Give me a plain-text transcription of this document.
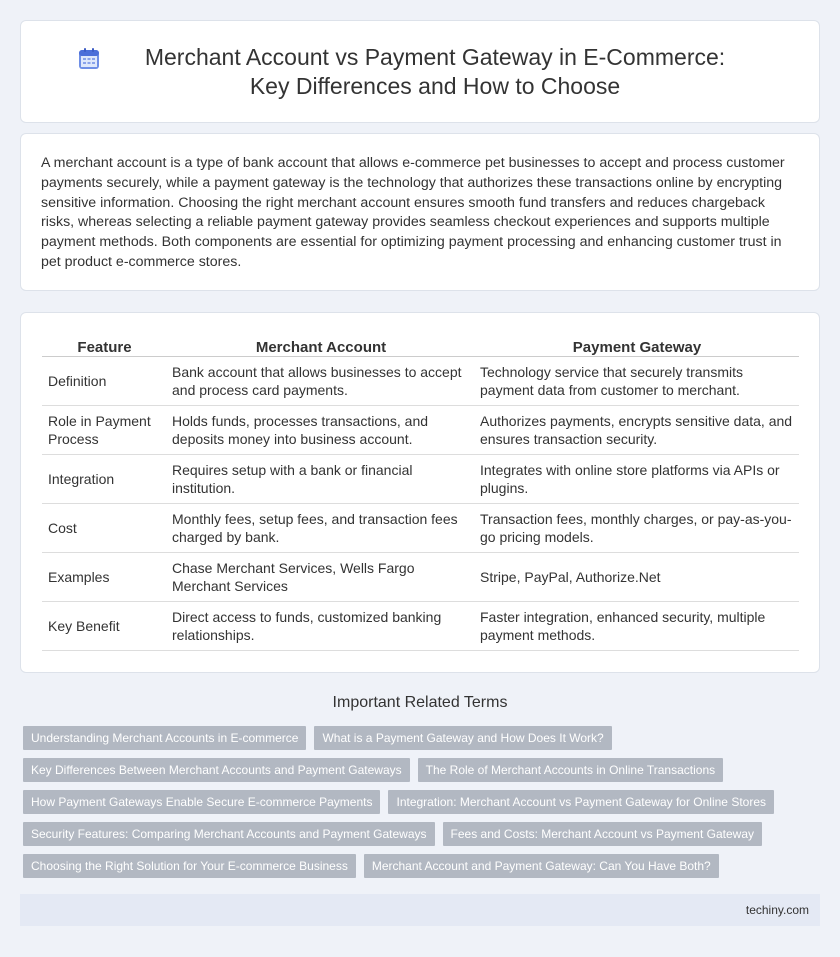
Merchant Account vs Payment Gateway in E-Commerce: Key Differences and How to Choose

A merchant account is a type of bank account that allows e-commerce pet businesses to accept and process customer payments securely, while a payment gateway is the technology that authorizes these transactions online by encrypting sensitive information. Choosing the right merchant account ensures smooth fund transfers and reduces chargeback risks, whereas selecting a reliable payment gateway provides seamless checkout experiences and supports multiple payment methods. Both components are essential for optimizing payment processing and enhancing customer trust in pet product e-commerce stores.

Feature	Merchant Account	Payment Gateway
Definition	Bank account that allows businesses to accept and process card payments.	Technology service that securely transmits payment data from customer to merchant.
Role in Payment Process	Holds funds, processes transactions, and deposits money into business account.	Authorizes payments, encrypts sensitive data, and ensures transaction security.
Integration	Requires setup with a bank or financial institution.	Integrates with online store platforms via APIs or plugins.
Cost	Monthly fees, setup fees, and transaction fees charged by bank.	Transaction fees, monthly charges, or pay-as-you-go pricing models.
Examples	Chase Merchant Services, Wells Fargo Merchant Services	Stripe, PayPal, Authorize.Net
Key Benefit	Direct access to funds, customized banking relationships.	Faster integration, enhanced security, multiple payment methods.
Important Related Terms
Understanding Merchant Accounts in E-commerce	What is a Payment Gateway and How Does It Work?
Key Differences Between Merchant Accounts and Payment Gateways	The Role of Merchant Accounts in Online Transactions
How Payment Gateways Enable Secure E-commerce Payments	Integration: Merchant Account vs Payment Gateway for Online Stores
Security Features: Comparing Merchant Accounts and Payment Gateways	Fees and Costs: Merchant Account vs Payment Gateway
Choosing the Right Solution for Your E-commerce Business	Merchant Account and Payment Gateway: Can You Have Both?
techiny.com
